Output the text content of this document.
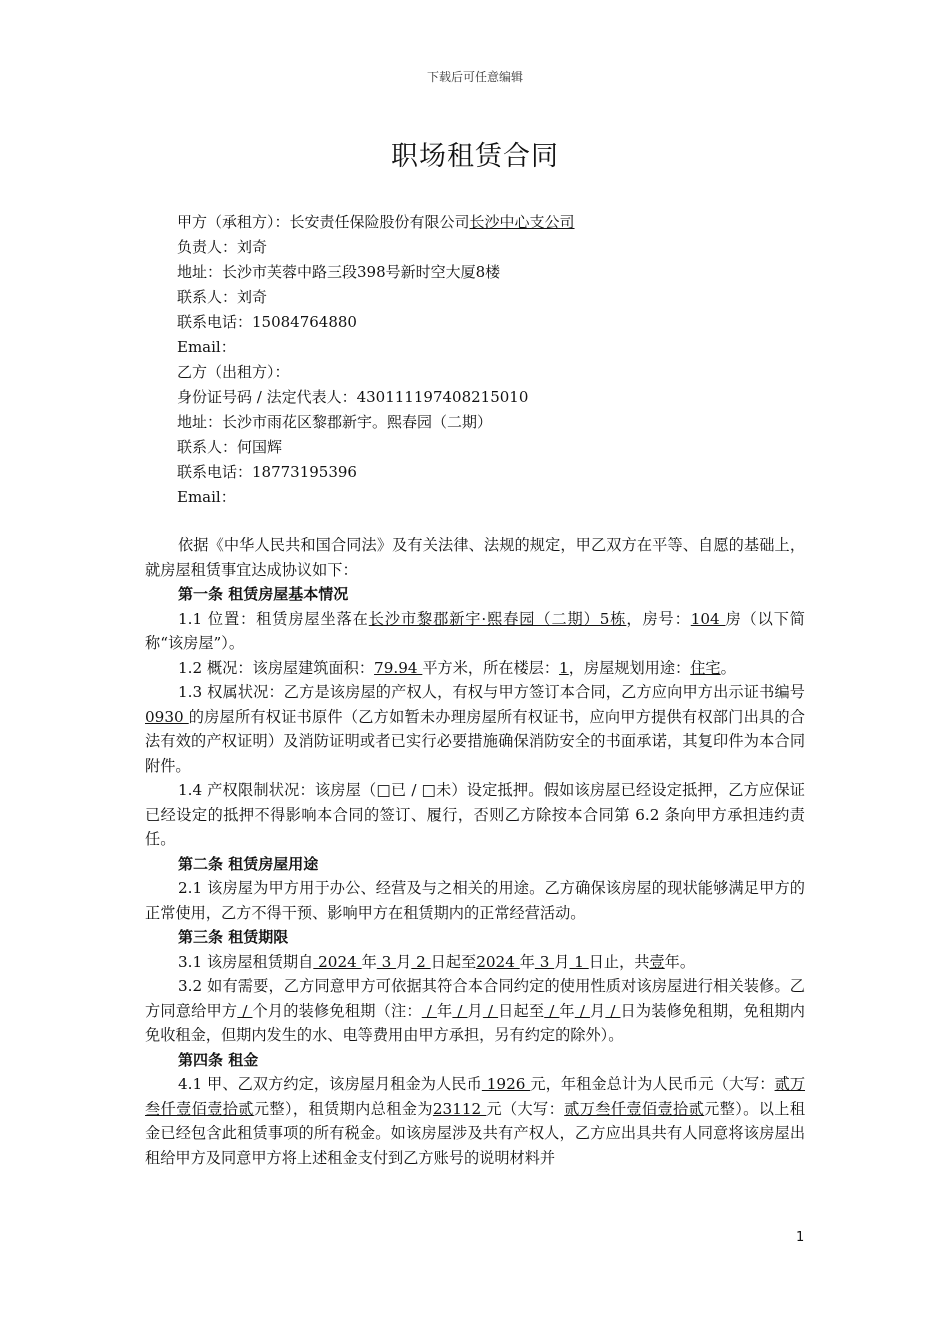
下载后可任意编辑
职场租赁合同
甲方（承租方）：长安责任保险股份有限公司长沙中心支公司
负责人：刘奇
地址：长沙市芙蓉中路三段398号新时空大厦8楼
联系人：刘奇
联系电话：15084764880
Email：
乙方（出租方）：
身份证号码 / 法定代表人：430111197408215010
地址：长沙市雨花区黎郡新宇。熙春园（二期）
联系人：何国辉
联系电话：18773195396
Email：

依据《中华人民共和国合同法》及有关法律、法规的规定，甲乙双方在平等、自愿的基础上，就房屋租赁事宜达成协议如下：

第一条 租赁房屋基本情况

1.1 位置：租赁房屋坐落在长沙市黎郡新宇·熙春园（二期）5栋，房号：104 房（以下简称“该房屋”）。

1.2 概况：该房屋建筑面积：79.94 平方米，所在楼层：1，房屋规划用途：住宅。

1.3 权属状况：乙方是该房屋的产权人，有权与甲方签订本合同，乙方应向甲方出示证书编号0930 的房屋所有权证书原件（乙方如暂未办理房屋所有权证书，应向甲方提供有权部门出具的合法有效的产权证明）及消防证明或者已实行必要措施确保消防安全的书面承诺，其复印件为本合同附件。

1.4 产权限制状况：该房屋（□已 / □未）设定抵押。假如该房屋已经设定抵押，乙方应保证已经设定的抵押不得影响本合同的签订、履行，否则乙方除按本合同第 6.2 条向甲方承担违约责任。

第二条 租赁房屋用途

2.1 该房屋为甲方用于办公、经营及与之相关的用途。乙方确保该房屋的现状能够满足甲方的正常使用，乙方不得干预、影响甲方在租赁期内的正常经营活动。

第三条 租赁期限

3.1 该房屋租赁期自 2024 年 3 月 2 日起至2024 年 3 月 1 日止，共壹年。

3.2 如有需要，乙方同意甲方可依据其符合本合同约定的使用性质对该房屋进行相关装修。乙方同意给甲方 / 个月的装修免租期（注： / 年 / 月 / 日起至 / 年 / 月 / 日为装修免租期，免租期内免收租金，但期内发生的水、电等费用由甲方承担，另有约定的除外）。

第四条 租金

4.1 甲、乙双方约定，该房屋月租金为人民币 1926 元，年租金总计为人民币元（大写：贰万叁仟壹佰壹拾贰元整），租赁期内总租金为23112 元（大写：贰万叁仟壹佰壹拾贰元整）。以上租金已经包含此租赁事项的所有税金。如该房屋涉及共有产权人，乙方应出具共有人同意将该房屋出租给甲方及同意甲方将上述租金支付到乙方账号的说明材料并

1
